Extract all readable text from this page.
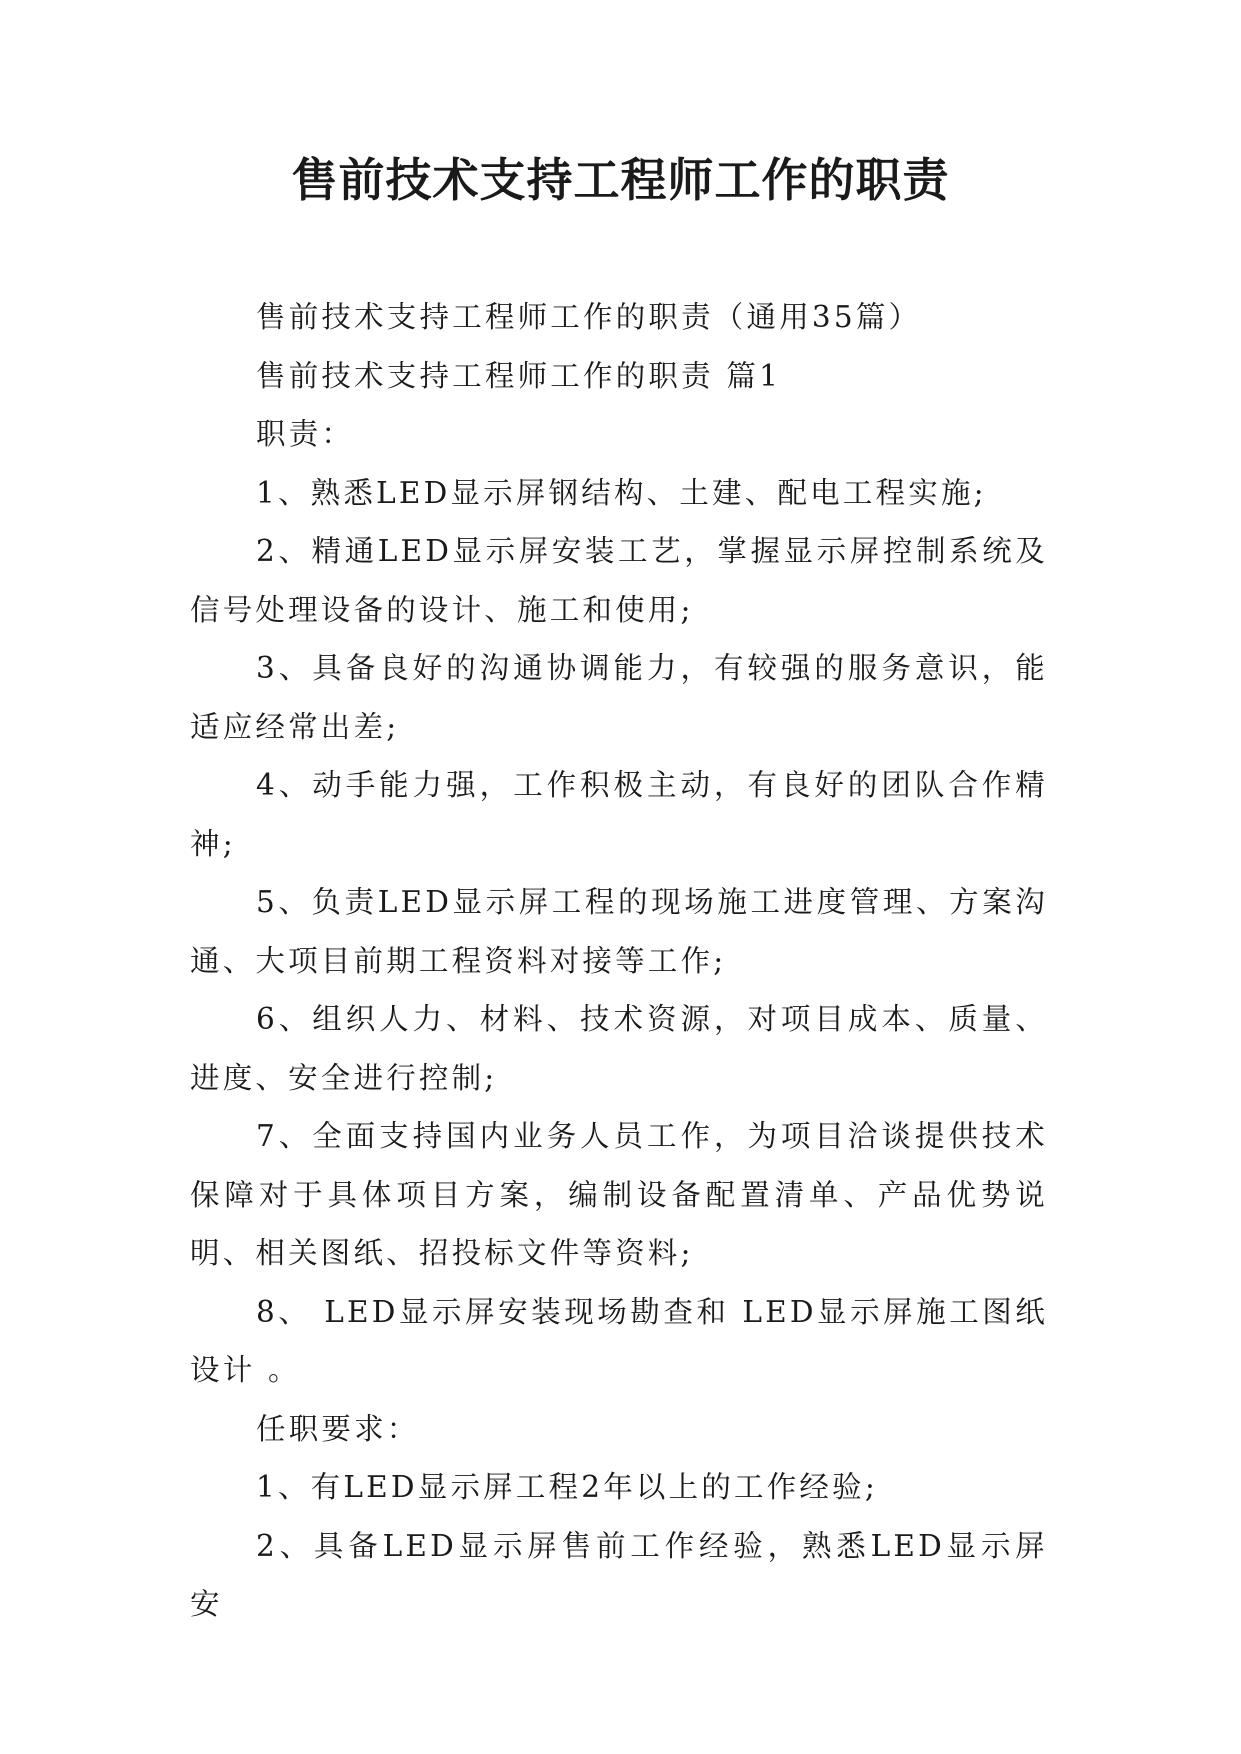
售前技术支持工程师工作的职责

售前技术支持工程师工作的职责（通用35篇）

售前技术支持工程师工作的职责 篇1

职责：

1、熟悉LED显示屏钢结构、土建、配电工程实施;

2、精通LED显示屏安装工艺，掌握显示屏控制系统及信号处理设备的设计、施工和使用;

3、具备良好的沟通协调能力，有较强的服务意识，能适应经常出差;

4、动手能力强，工作积极主动，有良好的团队合作精神;

5、负责LED显示屏工程的现场施工进度管理、方案沟通、大项目前期工程资料对接等工作;

6、组织人力、材料、技术资源，对项目成本、质量、进度、安全进行控制;

7、全面支持国内业务人员工作，为项目洽谈提供技术保障对于具体项目方案，编制设备配置清单、产品优势说明、相关图纸、招投标文件等资料;

8、 LED显示屏安装现场勘查和 LED显示屏施工图纸设计 。

任职要求：

1、有LED显示屏工程2年以上的工作经验;

2、具备LED显示屏售前工作经验，熟悉LED显示屏安
